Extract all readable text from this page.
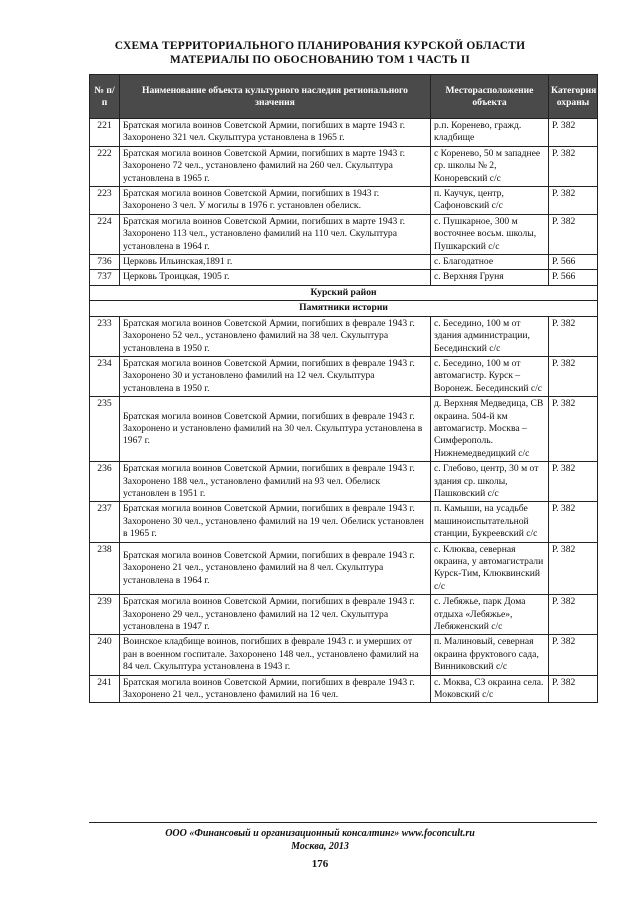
СХЕМА ТЕРРИТОРИАЛЬНОГО ПЛАНИРОВАНИЯ КУРСКОЙ ОБЛАСТИ
МАТЕРИАЛЫ ПО ОБОСНОВАНИЮ ТОМ 1 ЧАСТЬ II
№ п/п	Наименование объекта культурного наследия регионального значения	Месторасположение объекта	Категория охраны
221	Братская могила воинов Советской Армии, погибших в марте 1943 г. Захоронено 321 чел. Скульптура установлена в 1965 г.	р.п. Коренево, гражд. кладбище	Р. 382
222	Братская могила воинов Советской Армии, погибших в марте 1943 г. Захоронено 72 чел., установлено фамилий на 260 чел. Скульптура установлена в 1965 г.	с Коренево, 50 м западнее ср. школы № 2, Коноревский с/с	Р. 382
223	Братская могила воинов Советской Армии, погибших в 1943 г. Захоронено 3 чел. У могилы в 1976 г. установлен обелиск.	п. Каучук, центр, Сафоновский с/с	Р. 382
224	Братская могила воинов Советской Армии, погибших в марте 1943 г. Захоронено 113 чел., установлено фамилий на 110 чел. Скульптура установлена в 1964 г.	с. Пушкарное, 300 м восточнее восьм. школы, Пушкарский с/с	Р. 382
736	Церковь Ильинская,1891 г.	с. Благодатное	Р. 566
737	Церковь Троицкая, 1905 г.	с. Верхняя Груня	Р. 566
Курский район			
Памятники истории			
233	Братская могила воинов Советской Армии, погибших в феврале 1943 г. Захоронено 52 чел., установлено фамилий на 38 чел. Скульптура установлена в 1950 г.	с. Беседино, 100 м от здания администрации, Бесединский с/с	Р. 382
234	Братская могила воинов Советской Армии, погибших в феврале 1943 г. Захоронено 30 и установлено фамилий на 12 чел. Скульптура установлена в 1950 г.	с. Беседино, 100 м от автомагистр. Курск – Воронеж. Бесединский с/с	Р. 382
235	Братская могила воинов Советской Армии, погибших в феврале 1943 г. Захоронено и установлено фамилий на 30 чел. Скульптура установлена в 1967 г.	д. Верхняя Медведица, СВ окраина. 504-й км автомагистр. Москва – Симферополь. Нижнемедведицкий с/с	Р. 382
236	Братская могила воинов Советской Армии, погибших в феврале 1943 г. Захоронено 188 чел., установлено фамилий на 93 чел. Обелиск установлен в 1951 г.	с. Глебово, центр, 30 м от здания ср. школы, Пашковский с/с	Р. 382
237	Братская могила воинов Советской Армии, погибших в феврале 1943 г. Захоронено 30 чел., установлено фамилий на 19 чел. Обелиск установлен в 1965 г.	п. Камыши, на усадьбе машиноиспытательной станции, Букреевский с/с	Р. 382
238	Братская могила воинов Советской Армии, погибших в феврале 1943 г. Захоронено 21 чел., установлено фамилий на 8 чел. Скульптура установлена в 1964 г.	с. Клюква, северная окраина, у автомагистрали Курск-Тим, Клюквинский с/с	Р. 382
239	Братская могила воинов Советской Армии, погибших в феврале 1943 г. Захоронено 29 чел., установлено фамилий на 12 чел. Скульптура установлена в 1947 г.	с. Лебяжье, парк Дома отдыха «Лебяжье», Лебяженский с/с	Р. 382
240	Воинское кладбище воинов, погибших в феврале 1943 г. и умерших от ран в военном госпитале. Захоронено 148 чел., установлено фамилий на 84 чел. Скульптура установлена в 1943 г.	п. Малиновый, северная окраина фруктового сада, Винниковский с/с	Р. 382
241	Братская могила воинов Советской Армии, погибших в феврале 1943 г. Захоронено 21 чел., установлено фамилий на 16 чел.	с. Моква, СЗ окраина села. Моковский с/с	Р. 382
ООО «Финансовый и организационный консалтинг» www.foconcult.ru
Москва, 2013
176
